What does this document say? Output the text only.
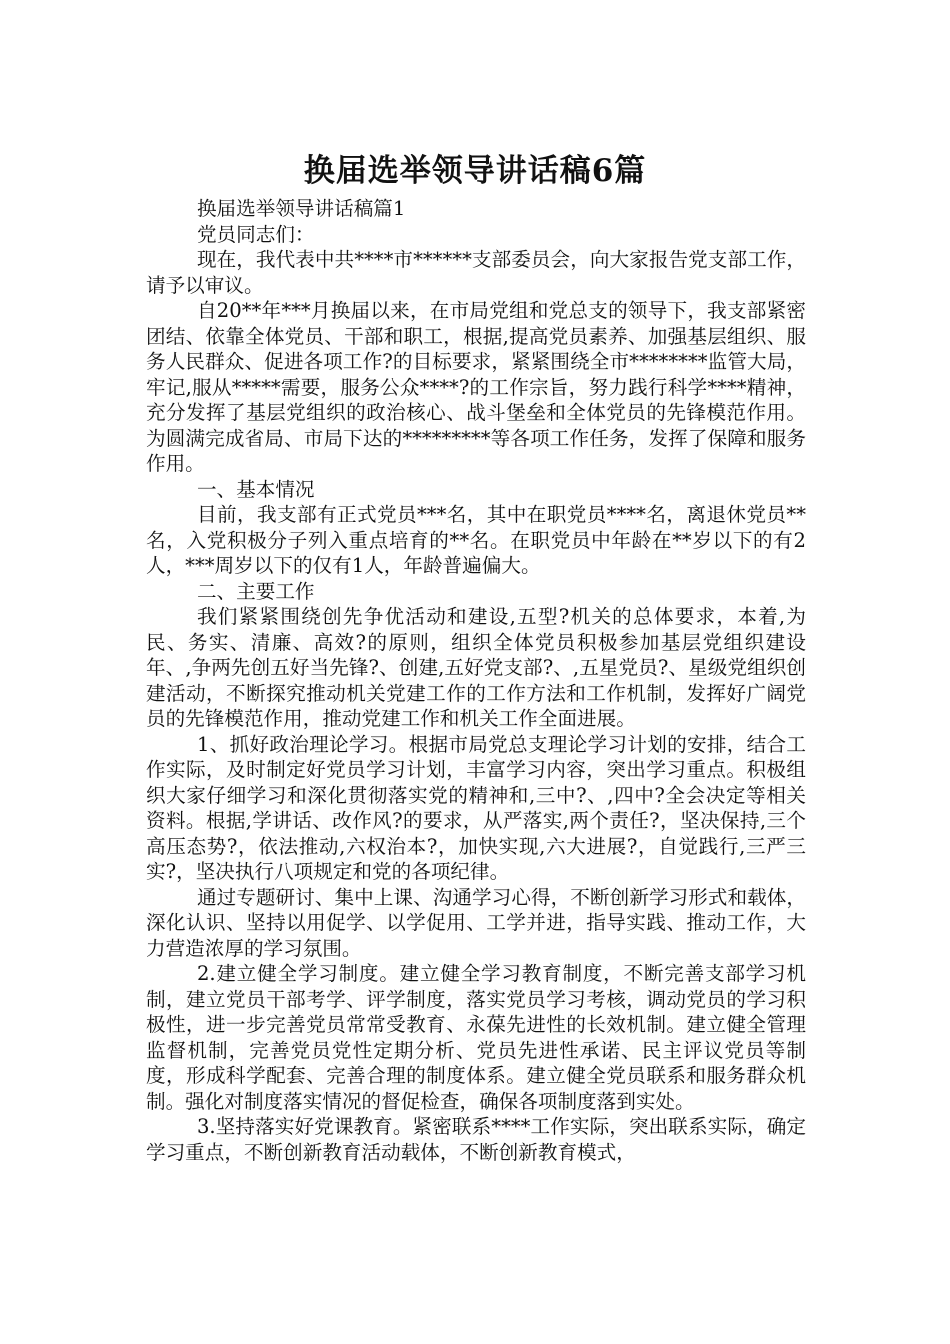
换届选举领导讲话稿6篇

换届选举领导讲话稿篇1

党员同志们：

现在，我代表中共****市******支部委员会，向大家报告党支部工作，请予以审议。

自20**年***月换届以来，在市局党组和党总支的领导下，我支部紧密团结、依靠全体党员、干部和职工，根据,提高党员素养、加强基层组织、服务人民群众、促进各项工作?的目标要求，紧紧围绕全市********监管大局，牢记,服从*****需要，服务公众****?的工作宗旨，努力践行科学****精神，充分发挥了基层党组织的政治核心、战斗堡垒和全体党员的先锋模范作用。为圆满完成省局、市局下达的*********等各项工作任务，发挥了保障和服务作用。

一、基本情况

目前，我支部有正式党员***名，其中在职党员****名，离退休党员**名，入党积极分子列入重点培育的**名。在职党员中年龄在**岁以下的有2人，***周岁以下的仅有1人，年龄普遍偏大。

二、主要工作

我们紧紧围绕创先争优活动和建设,五型?机关的总体要求，本着,为民、务实、清廉、高效?的原则，组织全体党员积极参加基层党组织建设年、,争两先创五好当先锋?、创建,五好党支部?、,五星党员?、星级党组织创建活动，不断探究推动机关党建工作的工作方法和工作机制，发挥好广阔党员的先锋模范作用，推动党建工作和机关工作全面进展。

1、抓好政治理论学习。根据市局党总支理论学习计划的安排，结合工作实际，及时制定好党员学习计划，丰富学习内容，突出学习重点。积极组织大家仔细学习和深化贯彻落实党的精神和,三中?、,四中?全会决定等相关资料。根据,学讲话、改作风?的要求，从严落实,两个责任?，坚决保持,三个高压态势?，依法推动,六权治本?，加快实现,六大进展?，自觉践行,三严三实?，坚决执行八项规定和党的各项纪律。

通过专题研讨、集中上课、沟通学习心得，不断创新学习形式和载体，深化认识、坚持以用促学、以学促用、工学并进，指导实践、推动工作，大力营造浓厚的学习氛围。

2.建立健全学习制度。建立健全学习教育制度，不断完善支部学习机制，建立党员干部考学、评学制度，落实党员学习考核，调动党员的学习积极性，进一步完善党员常常受教育、永葆先进性的长效机制。建立健全管理监督机制，完善党员党性定期分析、党员先进性承诺、民主评议党员等制度，形成科学配套、完善合理的制度体系。建立健全党员联系和服务群众机制。强化对制度落实情况的督促检查，确保各项制度落到实处。

3.坚持落实好党课教育。紧密联系****工作实际，突出联系实际，确定学习重点，不断创新教育活动载体，不断创新教育模式，
